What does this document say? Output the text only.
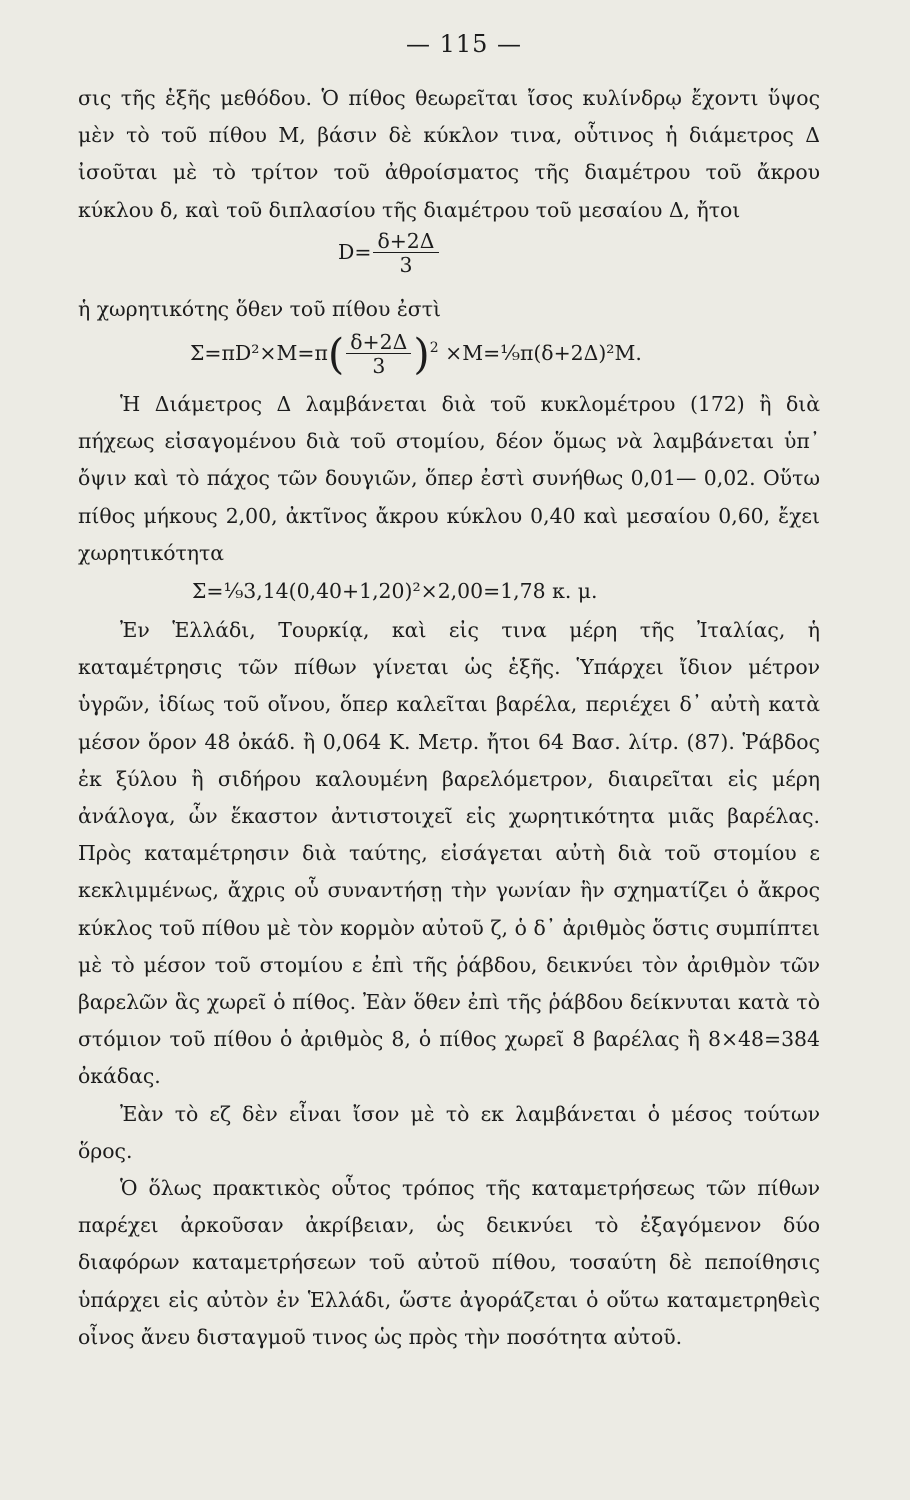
— 115 —

σις τῆς ἑξῆς μεθόδου. Ὁ πίθος θεωρεῖται ἴσος κυλίνδρῳ ἔχοντι ὕψος μὲν τὸ τοῦ πίθου Μ, βάσιν δὲ κύκλον τινα, οὗτινος ἡ διάμετρος Δ ἰσοῦται μὲ τὸ τρίτον τοῦ ἀθροίσματος τῆς διαμέτρου τοῦ ἄκρου κύκλου δ, καὶ τοῦ διπλασίου τῆς διαμέτρου τοῦ μεσαίου Δ, ἤτοι

$D= \frac{\delta+2\Delta}{3}$

ἡ χωρητικότης ὅθεν τοῦ πίθου ἐστὶ

$\Sigma=\pi D^2\times M=\pi( \frac{\delta+2\Delta}{3} )^2$ ×M=¹⁄₉π(δ+2Δ)²M.

Ἡ Διάμετρος Δ λαμβάνεται διὰ τοῦ κυκλομέτρου (172) ἢ διὰ πήχεως εἰσαγομένου διὰ τοῦ στομίου, δέον ὅμως νὰ λαμβάνεται ὑπ᾽ ὄψιν καὶ τὸ πάχος τῶν δουγιῶν, ὅπερ ἐστὶ συνήθως 0,01— 0,02. Οὕτω πίθος μήκους 2,00, ἀκτῖνος ἄκρου κύκλου 0,40 καὶ μεσαίου 0,60, ἔχει χωρητικότητα

Σ=¹⁄₉3,14(0,40+1,20)²×2,00=1,78 κ. μ.

Ἐν Ἑλλάδι, Τουρκίᾳ, καὶ εἰς τινα μέρη τῆς Ἰταλίας, ἡ καταμέτρησις τῶν πίθων γίνεται ὡς ἑξῆς. Ὑπάρχει ἴδιον μέτρον ὑγρῶν, ἰδίως τοῦ οἴνου, ὅπερ καλεῖται βαρέλα, περιέχει δ᾽ αὐτὴ κατὰ μέσον ὅρον 48 ὀκάδ. ἢ 0,064 Κ. Μετρ. ἤτοι 64 Βασ. λίτρ. (87). Ῥάβδος ἐκ ξύλου ἢ σιδήρου καλουμένη βαρελόμετρον, διαιρεῖται εἰς μέρη ἀνάλογα, ὧν ἕκαστον ἀντιστοιχεῖ εἰς χωρητικότητα μιᾶς βαρέλας. Πρὸς καταμέτρησιν διὰ ταύτης, εἰσάγεται αὐτὴ διὰ τοῦ στομίου ε κεκλιμμένως, ἄχρις οὗ συναντήσῃ τὴν γωνίαν ἣν σχηματίζει ὁ ἄκρος κύκλος τοῦ πίθου μὲ τὸν κορμὸν αὐτοῦ ζ, ὁ δ᾽ ἀριθμὸς ὅστις συμπίπτει μὲ τὸ μέσον τοῦ στομίου ε ἐπὶ τῆς ῥάβδου, δεικνύει τὸν ἀριθμὸν τῶν βαρελῶν ἃς χωρεῖ ὁ πίθος. Ἐὰν ὅθεν ἐπὶ τῆς ῥάβδου δείκνυται κατὰ τὸ στόμιον τοῦ πίθου ὁ ἀριθμὸς 8, ὁ πίθος χωρεῖ 8 βαρέλας ἢ 8×48=384 ὀκάδας.

Ἐὰν τὸ εζ δὲν εἶναι ἴσον μὲ τὸ εκ λαμβάνεται ὁ μέσος τούτων ὅρος.

Ὁ ὅλως πρακτικὸς οὗτος τρόπος τῆς καταμετρήσεως τῶν πίθων παρέχει ἀρκοῦσαν ἀκρίβειαν, ὡς δεικνύει τὸ ἐξαγόμενον δύο διαφόρων καταμετρήσεων τοῦ αὐτοῦ πίθου, τοσαύτη δὲ πεποίθησις ὑπάρχει εἰς αὐτὸν ἐν Ἑλλάδι, ὥστε ἀγοράζεται ὁ οὕτω καταμετρηθεὶς οἶνος ἄνευ δισταγμοῦ τινος ὡς πρὸς τὴν ποσότητα αὐτοῦ.
